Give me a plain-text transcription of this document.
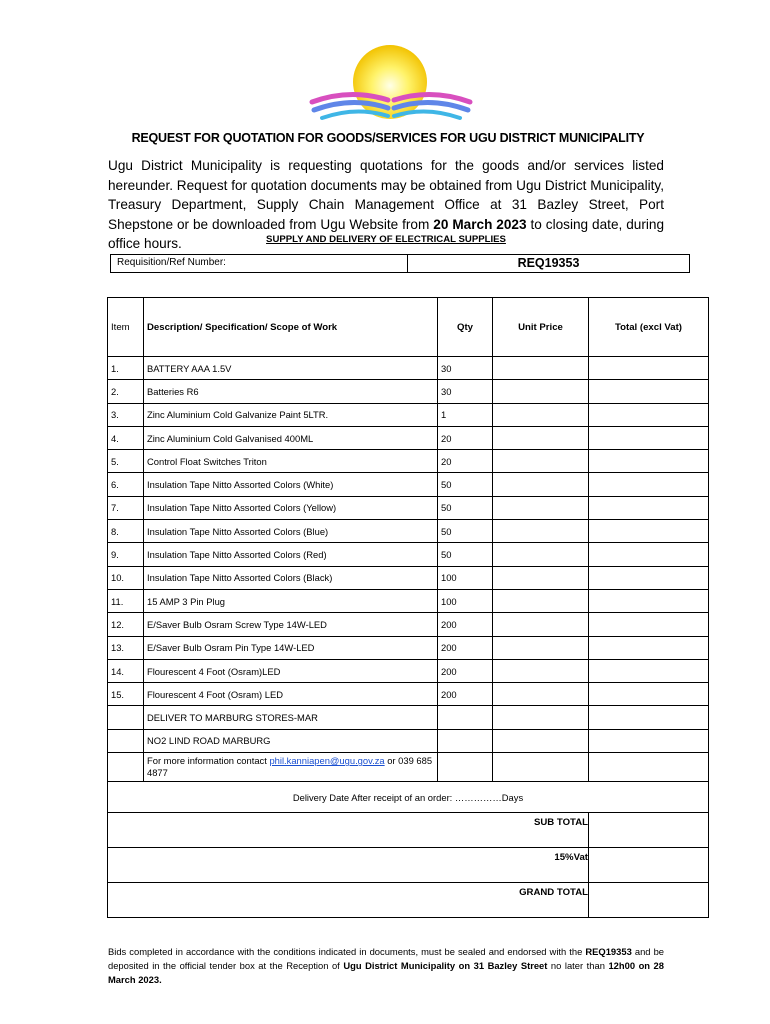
REQUEST FOR QUOTATION FOR GOODS/SERVICES FOR UGU DISTRICT MUNICIPALITY
Ugu District Municipality is requesting quotations for the goods and/or services listed hereunder. Request for quotation documents may be obtained from Ugu District Municipality, Treasury Department, Supply Chain Management Office at 31 Bazley Street, Port Shepstone or be downloaded from Ugu Website from 20 March 2023 to closing date, during office hours.	SUPPLY AND DELIVERY OF ELECTRICAL SUPPLIES
Requisition/Ref Number:	REQ19353
Item	Description/ Specification/ Scope of Work	Qty	Unit Price	Total (excl Vat)
1.	BATTERY AAA 1.5V	30		
2.	Batteries R6	30		
3.	Zinc Aluminium Cold Galvanize Paint 5LTR.	1		
4.	Zinc Aluminium Cold Galvanised 400ML	20		
5.	Control Float Switches Triton	20		
6.	Insulation Tape Nitto Assorted Colors (White)	50		
7.	Insulation Tape Nitto Assorted Colors (Yellow)	50		
8.	Insulation Tape Nitto Assorted Colors (Blue)	50		
9.	Insulation Tape Nitto Assorted Colors (Red)	50		
10.	Insulation Tape Nitto Assorted Colors (Black)	100		
11.	15 AMP 3 Pin Plug	100		
12.	E/Saver Bulb Osram Screw Type 14W-LED	200		
13.	E/Saver Bulb Osram Pin Type 14W-LED	200		
14.	Flourescent 4 Foot (Osram)LED	200		
15.	Flourescent 4 Foot (Osram) LED	200		
	DELIVER TO MARBURG STORES-MAR			
	NO2 LIND ROAD MARBURG			
	For more information contact phil.kanniapen@ugu.gov.za or 039 685 4877			
Delivery Date After receipt of an order: ……………Days				
SUB TOTAL				
15%Vat				
GRAND TOTAL				
Bids completed in accordance with the conditions indicated in documents, must be sealed and endorsed with the REQ19353 and be deposited in the official tender box at the Reception of Ugu District Municipality on 31 Bazley Street no later than 12h00 on 28 March 2023.
